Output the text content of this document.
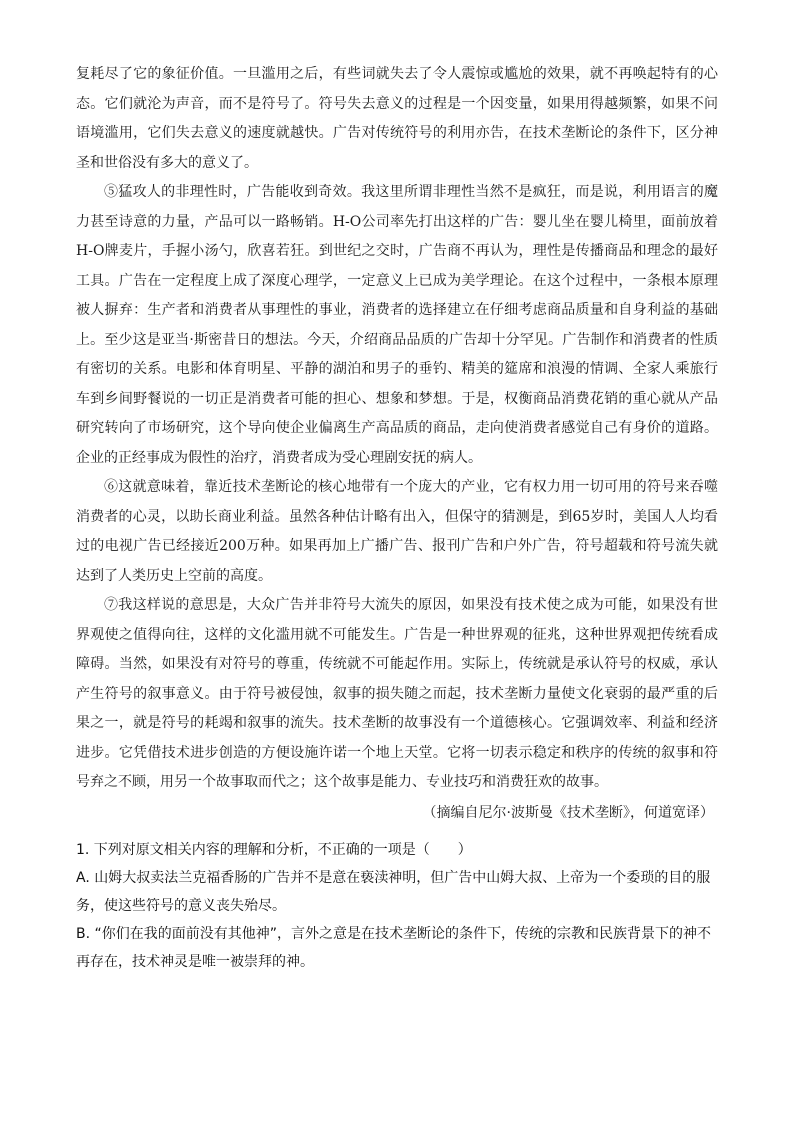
复耗尽了它的象征价值。一旦滥用之后，有些词就失去了令人震惊或尴尬的效果，就不再唤起特有的心态。它们就沦为声音，而不是符号了。符号失去意义的过程是一个因变量，如果用得越频繁，如果不问语境滥用，它们失去意义的速度就越快。广告对传统符号的利用亦告，在技术垄断论的条件下，区分神圣和世俗没有多大的意义了。

⑤猛攻人的非理性时，广告能收到奇效。我这里所谓非理性当然不是疯狂，而是说，利用语言的魔力甚至诗意的力量，产品可以一路畅销。H-O公司率先打出这样的广告：婴儿坐在婴儿椅里，面前放着H-O牌麦片，手握小汤勺，欣喜若狂。到世纪之交时，广告商不再认为，理性是传播商品和理念的最好工具。广告在一定程度上成了深度心理学，一定意义上已成为美学理论。在这个过程中，一条根本原理被人摒弃：生产者和消费者从事理性的事业，消费者的选择建立在仔细考虑商品质量和自身利益的基础上。至少这是亚当·斯密昔日的想法。今天，介绍商品品质的广告却十分罕见。广告制作和消费者的性质有密切的关系。电影和体育明星、平静的湖泊和男子的垂钓、精美的筵席和浪漫的情调、全家人乘旅行车到乡间野餐说的一切正是消费者可能的担心、想象和梦想。于是，权衡商品消费花销的重心就从产品研究转向了市场研究，这个导向使企业偏离生产高品质的商品，走向使消费者感觉自己有身价的道路。企业的正经事成为假性的治疗，消费者成为受心理剧安抚的病人。

⑥这就意味着，靠近技术垄断论的核心地带有一个庞大的产业，它有权力用一切可用的符号来吞噬消费者的心灵，以助长商业利益。虽然各种估计略有出入，但保守的猜测是，到65岁时，美国人人均看过的电视广告已经接近200万种。如果再加上广播广告、报刊广告和户外广告，符号超载和符号流失就达到了人类历史上空前的高度。

⑦我这样说的意思是，大众广告并非符号大流失的原因，如果没有技术使之成为可能，如果没有世界观使之值得向往，这样的文化滥用就不可能发生。广告是一种世界观的征兆，这种世界观把传统看成障碍。当然，如果没有对符号的尊重，传统就不可能起作用。实际上，传统就是承认符号的权威，承认产生符号的叙事意义。由于符号被侵蚀，叙事的损失随之而起，技术垄断力量使文化衰弱的最严重的后果之一，就是符号的耗竭和叙事的流失。技术垄断的故事没有一个道德核心。它强调效率、利益和经济进步。它凭借技术进步创造的方便设施许诺一个地上天堂。它将一切表示稳定和秩序的传统的叙事和符号弃之不顾，用另一个故事取而代之；这个故事是能力、专业技巧和消费狂欢的故事。

（摘编自尼尔·波斯曼《技术垄断》，何道宽译）

1. 下列对原文相关内容的理解和分析，不正确的一项是（　　）

A. 山姆大叔卖法兰克福香肠的广告并不是意在亵渎神明，但广告中山姆大叔、上帝为一个委琐的目的服务，使这些符号的意义丧失殆尽。

B. “你们在我的面前没有其他神”，言外之意是在技术垄断论的条件下，传统的宗教和民族背景下的神不再存在，技术神灵是唯一被崇拜的神。
